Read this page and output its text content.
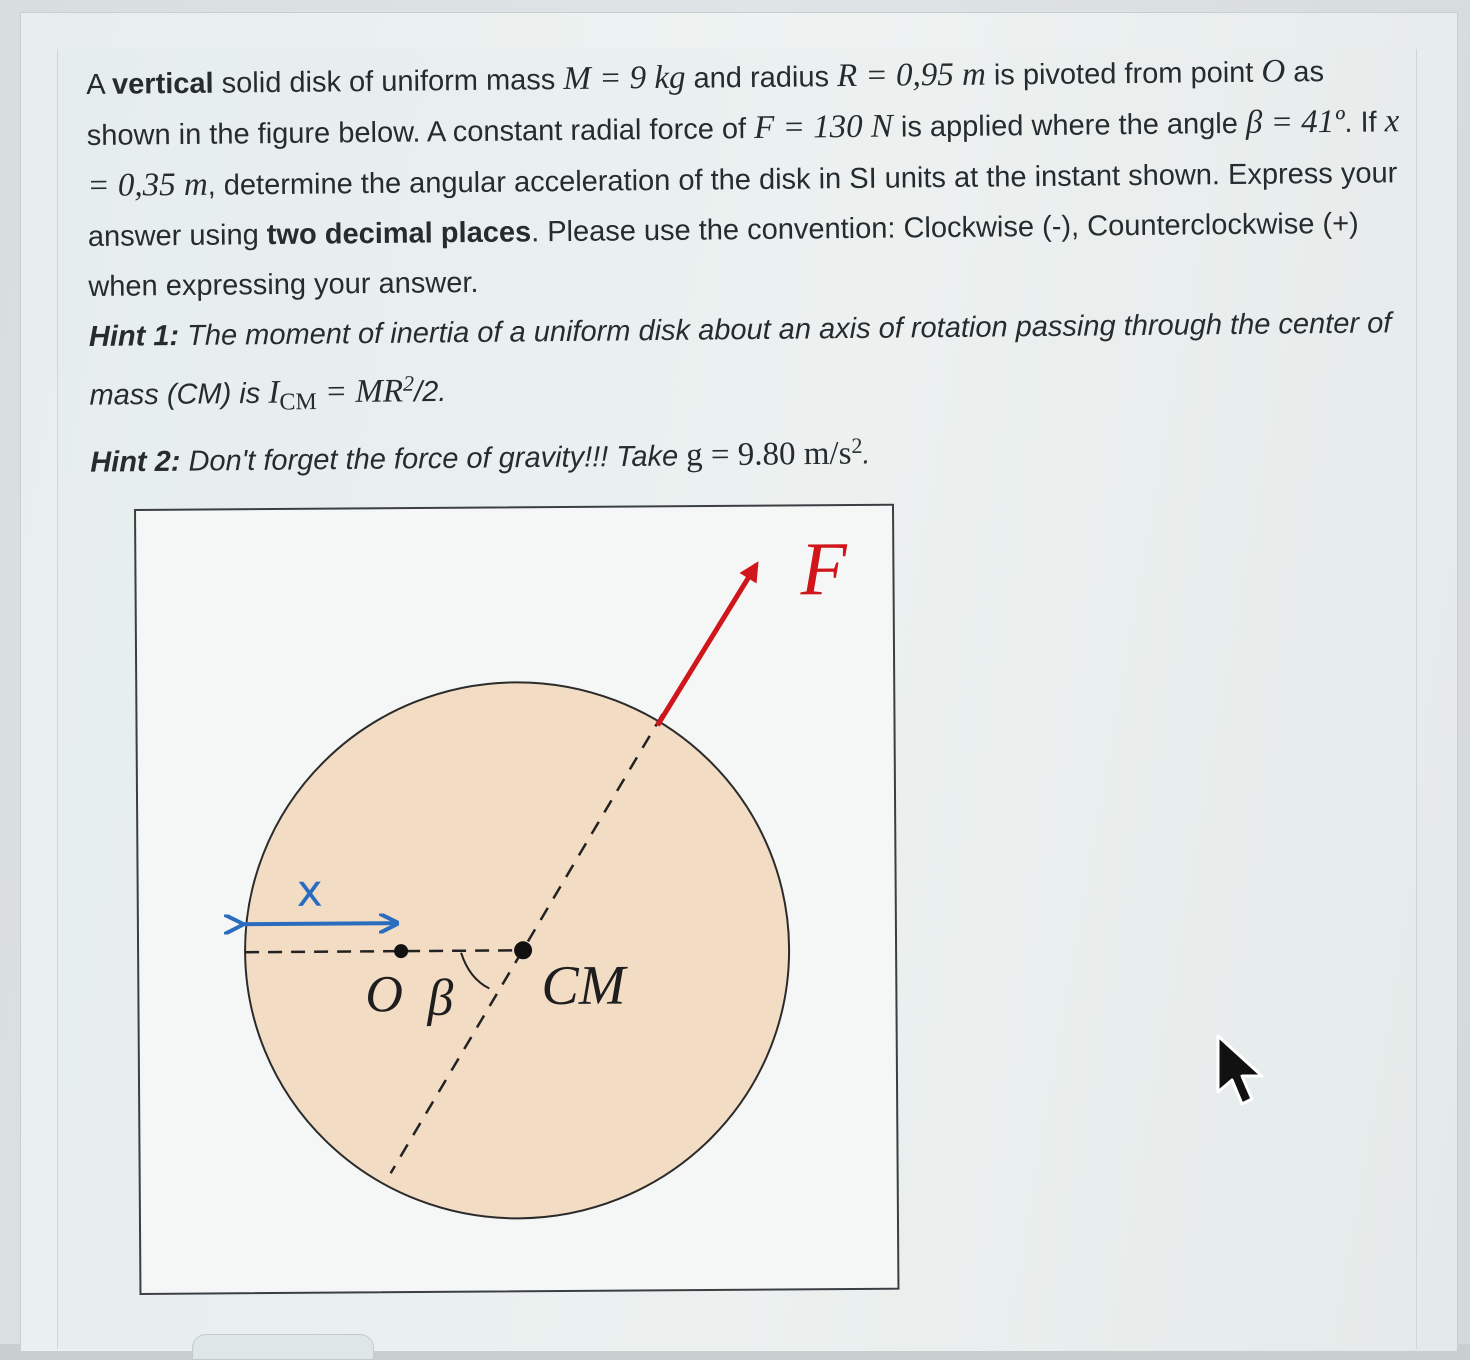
A vertical solid disk of uniform mass M = 9 kg and radius R = 0,95 m is pivoted from point O as shown in the figure below. A constant radial force of F = 130 N is applied where the angle β = 41º. If x = 0,35 m, determine the angular acceleration of the disk in SI units at the instant shown. Express your answer using two decimal places. Please use the convention: Clockwise (-), Counterclockwise (+) when expressing your answer.

Hint 1: The moment of inertia of a uniform disk about an axis of rotation passing through the center of mass (CM) is $I_{CM} = MR^2/2$.

Hint 2: Don't forget the force of gravity!!! Take g = 9.80 $m/s^2$.

F
x
O β CM
